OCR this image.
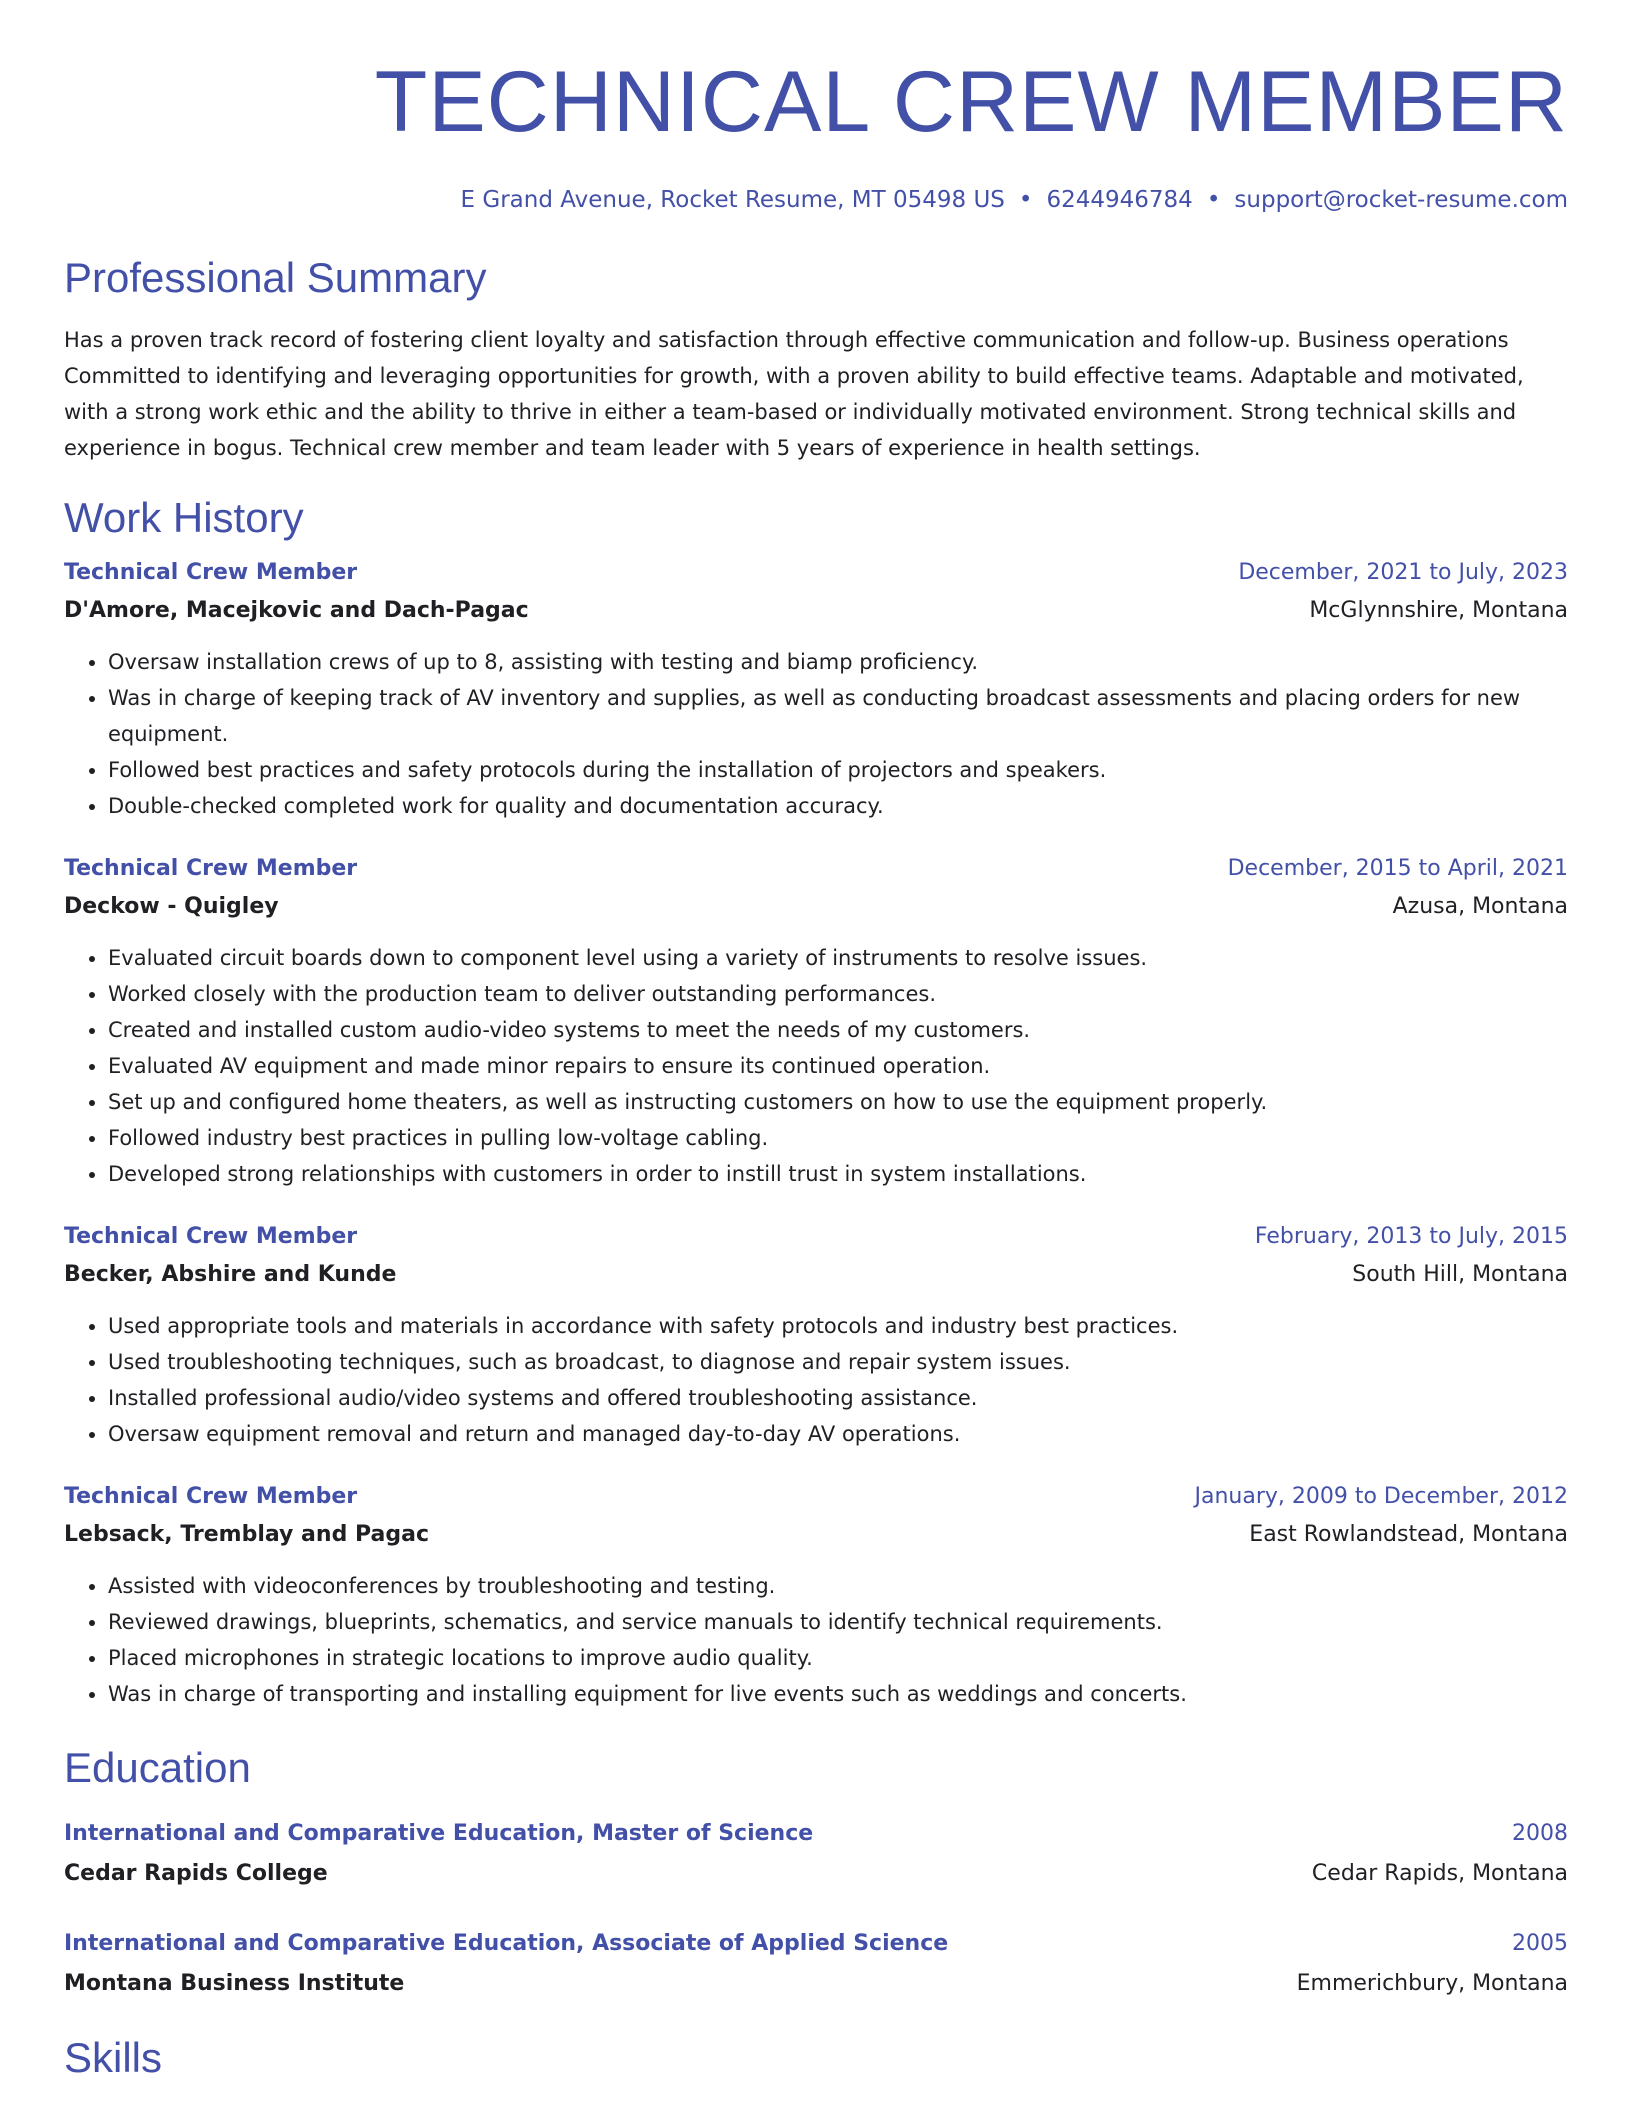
TECHNICAL CREW MEMBER
E Grand Avenue, Rocket Resume, MT 05498 US • 6244946784 • support@rocket-resume.com
Professional Summary
Has a proven track record of fostering client loyalty and satisfaction through effective communication and follow-up. Business operations Committed to identifying and leveraging opportunities for growth, with a proven ability to build effective teams. Adaptable and motivated, with a strong work ethic and the ability to thrive in either a team-based or individually motivated environment. Strong technical skills and experience in bogus. Technical crew member and team leader with 5 years of experience in health settings.
Work History
Technical Crew Member	December, 2021 to July, 2023
D'Amore, Macejkovic and Dach-Pagac	McGlynnshire, Montana
• Oversaw installation crews of up to 8, assisting with testing and biamp proficiency.
• Was in charge of keeping track of AV inventory and supplies, as well as conducting broadcast assessments and placing orders for new equipment.
• Followed best practices and safety protocols during the installation of projectors and speakers.
• Double-checked completed work for quality and documentation accuracy.
Technical Crew Member	December, 2015 to April, 2021
Deckow - Quigley	Azusa, Montana
• Evaluated circuit boards down to component level using a variety of instruments to resolve issues.
• Worked closely with the production team to deliver outstanding performances.
• Created and installed custom audio-video systems to meet the needs of my customers.
• Evaluated AV equipment and made minor repairs to ensure its continued operation.
• Set up and configured home theaters, as well as instructing customers on how to use the equipment properly.
• Followed industry best practices in pulling low-voltage cabling.
• Developed strong relationships with customers in order to instill trust in system installations.
Technical Crew Member	February, 2013 to July, 2015
Becker, Abshire and Kunde	South Hill, Montana
• Used appropriate tools and materials in accordance with safety protocols and industry best practices.
• Used troubleshooting techniques, such as broadcast, to diagnose and repair system issues.
• Installed professional audio/video systems and offered troubleshooting assistance.
• Oversaw equipment removal and return and managed day-to-day AV operations.
Technical Crew Member	January, 2009 to December, 2012
Lebsack, Tremblay and Pagac	East Rowlandstead, Montana
• Assisted with videoconferences by troubleshooting and testing.
• Reviewed drawings, blueprints, schematics, and service manuals to identify technical requirements.
• Placed microphones in strategic locations to improve audio quality.
• Was in charge of transporting and installing equipment for live events such as weddings and concerts.
Education
International and Comparative Education, Master of Science	2008
Cedar Rapids College	Cedar Rapids, Montana
International and Comparative Education, Associate of Applied Science	2005
Montana Business Institute	Emmerichbury, Montana
Skills
